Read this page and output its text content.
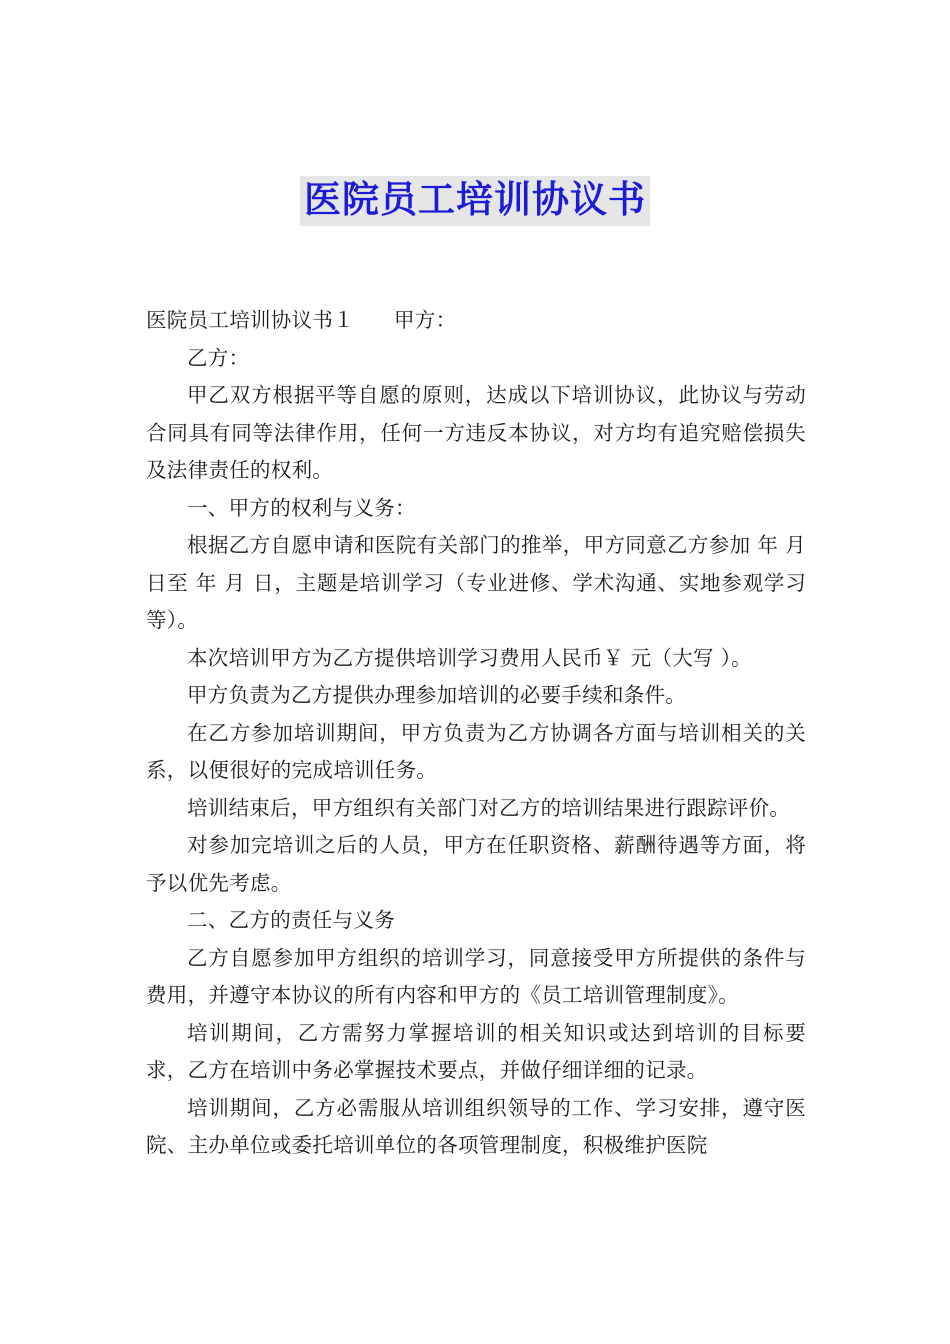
医院员工培训协议书

医院员工培训协议书１ 甲方：

乙方：

甲乙双方根据平等自愿的原则，达成以下培训协议，此协议与劳动合同具有同等法律作用，任何一方违反本协议，对方均有追究赔偿损失及法律责任的权利。

一、甲方的权利与义务：

根据乙方自愿申请和医院有关部门的推举，甲方同意乙方参加 年 月 日至 年 月 日，主题是培训学习（专业进修、学术沟通、实地参观学习等）。

本次培训甲方为乙方提供培训学习费用人民币￥ 元（大写 ）。

甲方负责为乙方提供办理参加培训的必要手续和条件。

在乙方参加培训期间，甲方负责为乙方协调各方面与培训相关的关系，以便很好的完成培训任务。

培训结束后，甲方组织有关部门对乙方的培训结果进行跟踪评价。

对参加完培训之后的人员，甲方在任职资格、薪酬待遇等方面，将予以优先考虑。

二、乙方的责任与义务

乙方自愿参加甲方组织的培训学习，同意接受甲方所提供的条件与费用，并遵守本协议的所有内容和甲方的《员工培训管理制度》。

培训期间，乙方需努力掌握培训的相关知识或达到培训的目标要求，乙方在培训中务必掌握技术要点，并做仔细详细的记录。

培训期间，乙方必需服从培训组织领导的工作、学习安排，遵守医院、主办单位或委托培训单位的各项管理制度，积极维护医院
